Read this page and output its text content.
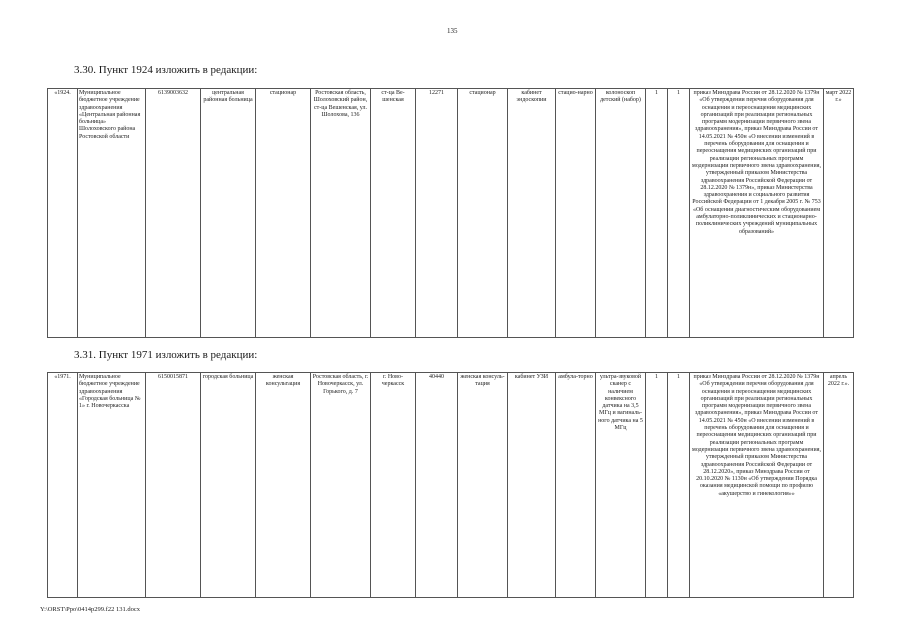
135
3.30. Пункт 1924 изложить в редакции:
«1924.	Муниципальное бюджетное учреждение здравоохранения «Центральная районная больница» Шолоховского района Ростовской области	6139003632	центральная районная больница	стационар	Ростовская область, Шолоховский район, ст-ца Вешенская, ул. Шолохова, 136	ст-ца Ве-шенская	12271	стационар	кабинет эндоскопии	стацио-нарно	колоноскоп детский (набор)	1	1	приказ Минздрава России от 28.12.2020 № 1379н «Об утверждении перечня оборудования для оснащения и переоснащения медицинских организаций при реализации региональных программ модернизации первичного звена здравоохранения», приказ Минздрава России от 14.05.2021 № 450н «О внесении изменений в перечень оборудования для оснащения и переоснащения медицинских организаций при реализации региональных программ модернизации первичного звена здравоохранения, утвержденный приказом Министерства здравоохранения Российской Федерации от 28.12.2020 № 1379н», приказ Министерства здравоохранения и социального развития Российской Федерации от 1 декабря 2005 г. № 753 «Об оснащении диагностическим оборудованием амбулаторно-поликлинических и стационарно-поликлинических учреждений муниципальных образований»	март 2022 г.»
3.31. Пункт 1971 изложить в редакции:
«1971.	Муниципальное бюджетное учреждение здравоохранения «Городская больница № 1» г. Новочеркасска	6150015871	городская больница	женская консультация	Ростовская область, г. Новочеркасск, ул. Горького, д. 7	г. Ново-черкасск	40440	женская консуль-тация	кабинет УЗИ	амбула-торно	ультра-звуковой сканер с наличием конвексного датчика на 3,5 МГц и вагиналь-ного датчика на 5 МГц	1	1	приказ Минздрава России от 28.12.2020 № 1379н «Об утверждении перечня оборудования для оснащения и переоснащения медицинских организаций при реализации региональных программ модернизации первичного звена здравоохранения», приказ Минздрава России от 14.05.2021 № 450н «О внесении изменений в перечень оборудования для оснащения и переоснащения медицинских организаций при реализации региональных программ модернизации первичного звена здравоохранения, утвержденный приказом Министерства здравоохранения Российской Федерации от 28.12.2020», приказ Минздрава России от 20.10.2020 № 1130н «Об утверждении Порядка оказания медицинской помощи по профилю «акушерство и гинекология»»	апрель 2022 г.».
Y:\ORST\Ppo\0414p299.f22 131.docx
